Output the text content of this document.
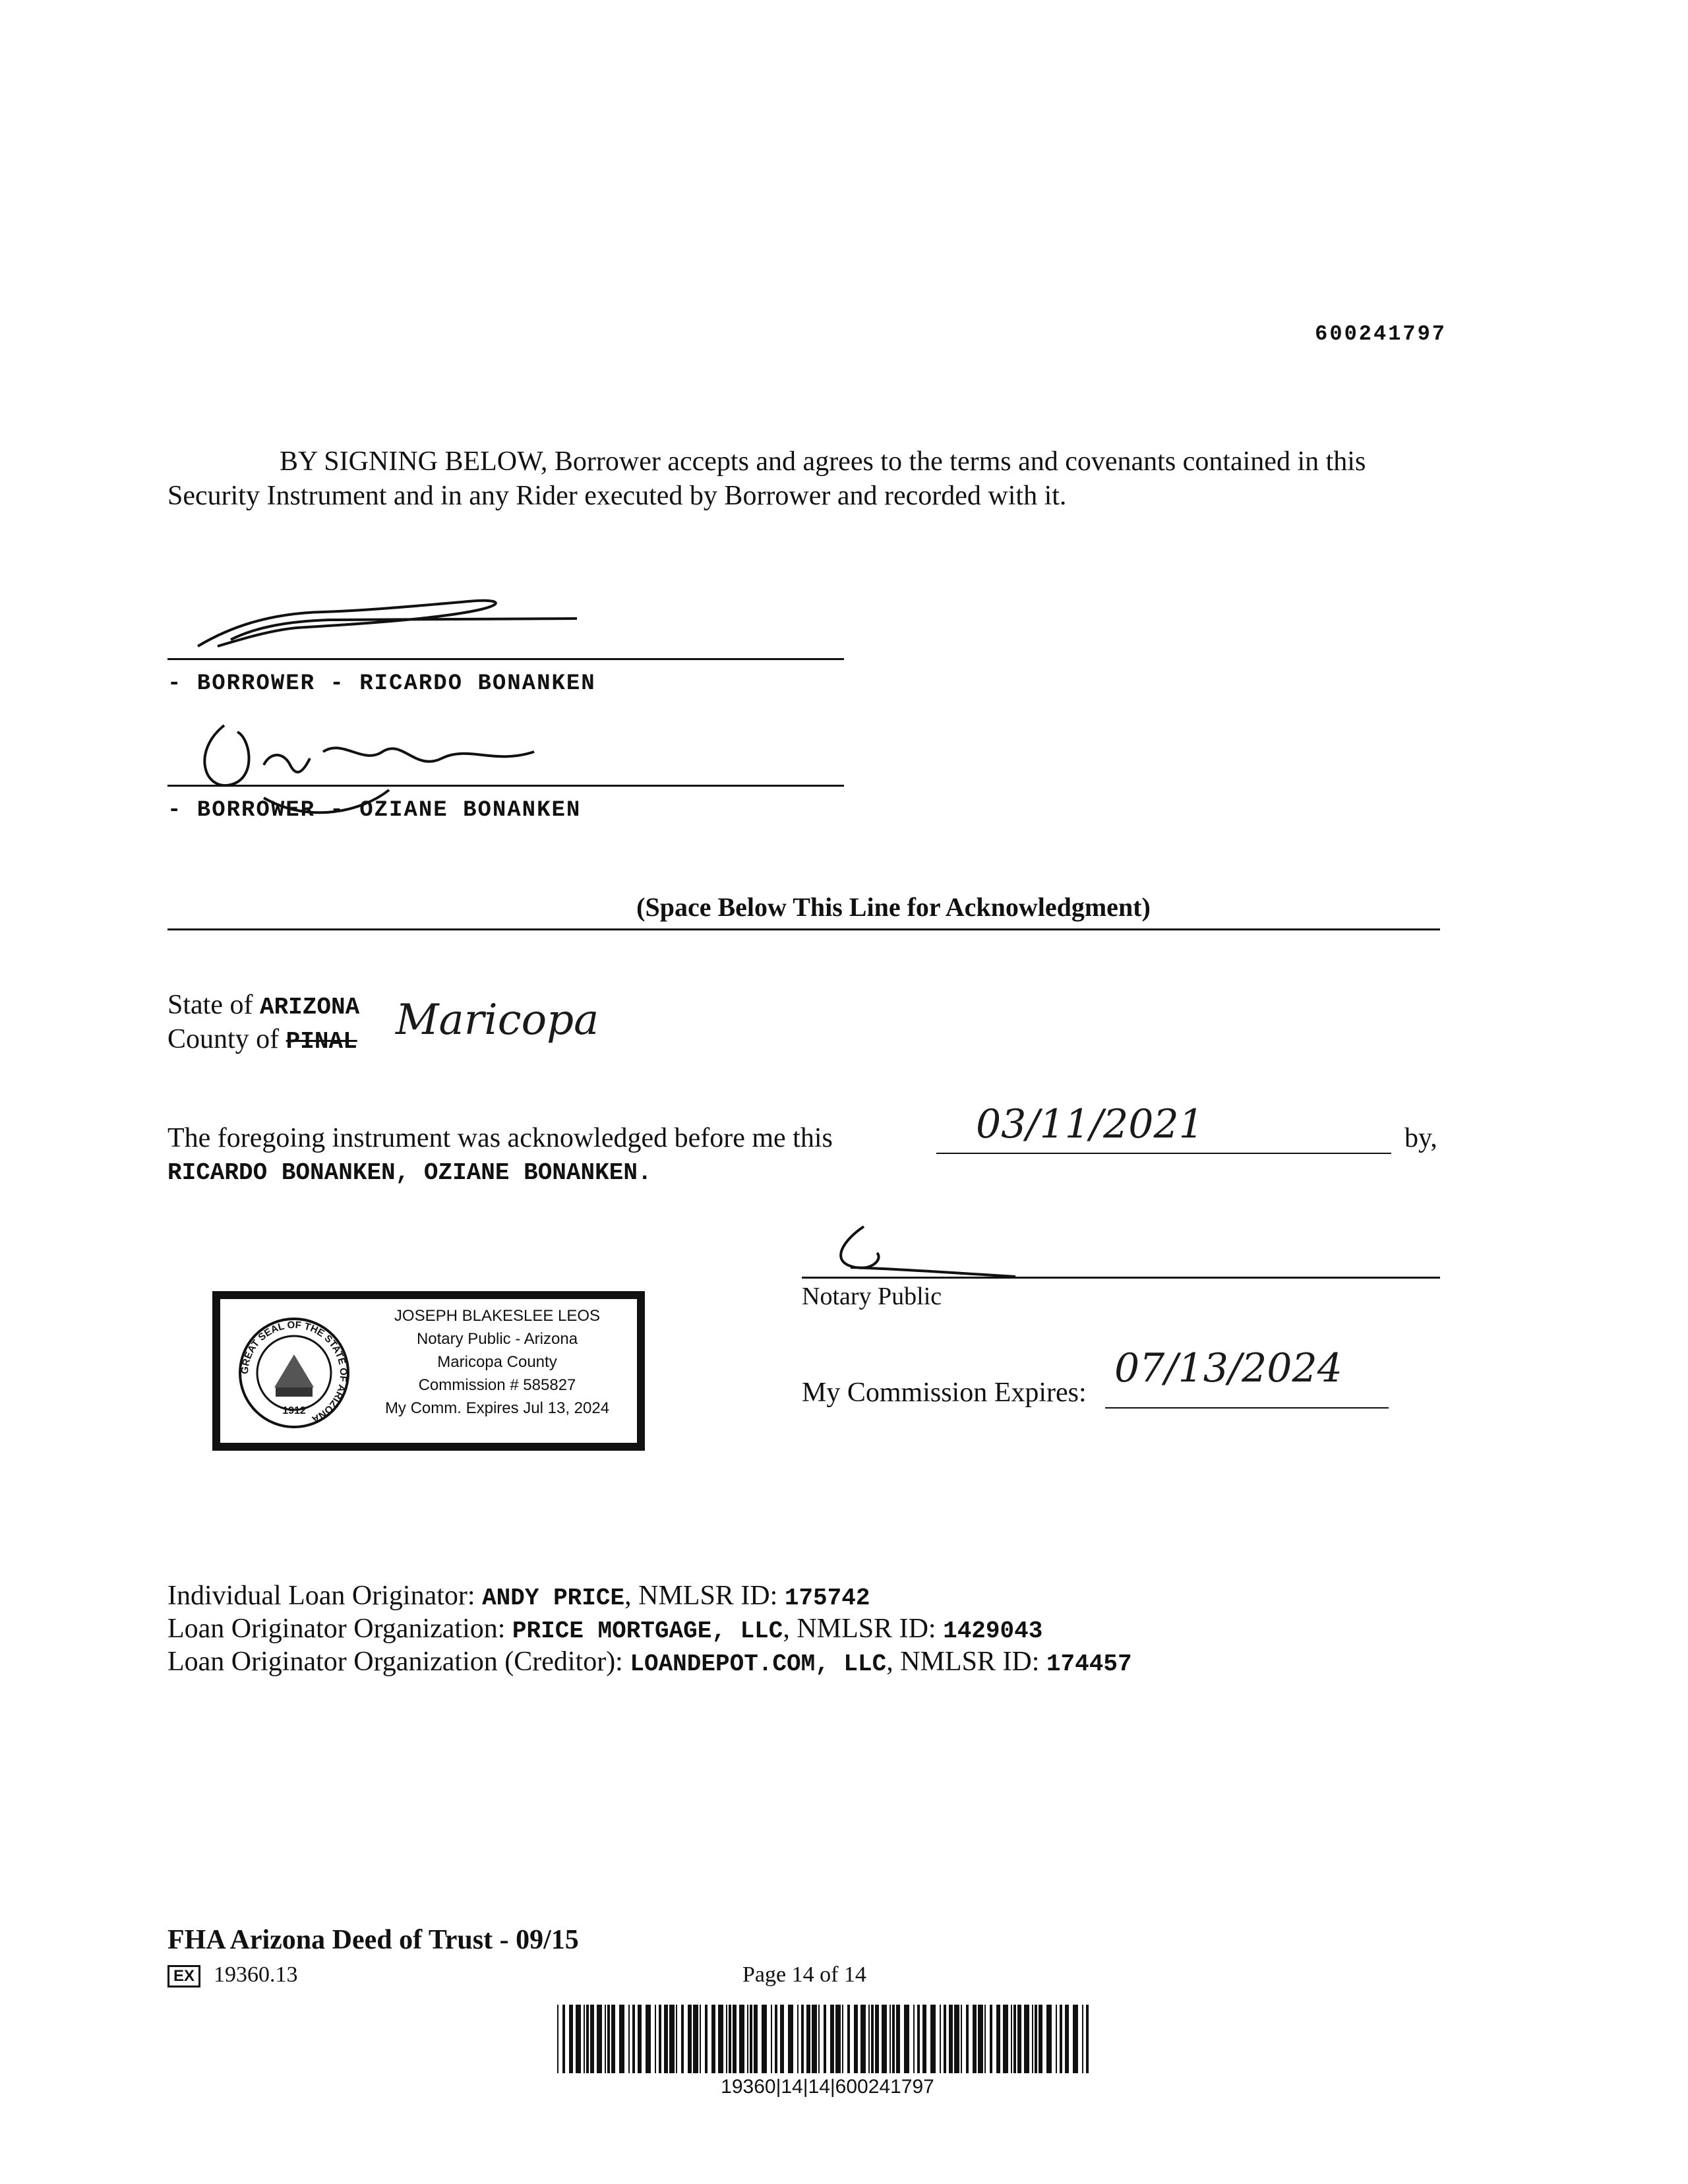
600241797
BY SIGNING BELOW, Borrower accepts and agrees to the terms and covenants contained in this Security Instrument and in any Rider executed by Borrower and recorded with it.
- BORROWER - RICARDO BONANKEN
- BORROWER - OZIANE BONANKEN
(Space Below This Line for Acknowledgment)
State of ARIZONA
County of PINAL Maricopa
The foregoing instrument was acknowledged before me this	03/11/2021	by,
RICARDO BONANKEN, OZIANE BONANKEN.
Notary Public
My Commission Expires:
07/13/2024
GREAT SEAL OF THE STATE OF ARIZONA
1912
JOSEPH BLAKESLEE LEOS
Notary Public - Arizona
Maricopa County
Commission # 585827
My Comm. Expires Jul 13, 2024
Individual Loan Originator: ANDY PRICE, NMLSR ID: 175742
Loan Originator Organization: PRICE MORTGAGE, LLC, NMLSR ID: 1429043
Loan Originator Organization (Creditor): LOANDEPOT.COM, LLC, NMLSR ID: 174457
FHA Arizona Deed of Trust - 09/15
EX 19360.13	Page 14 of 14
19360|14|14|600241797
